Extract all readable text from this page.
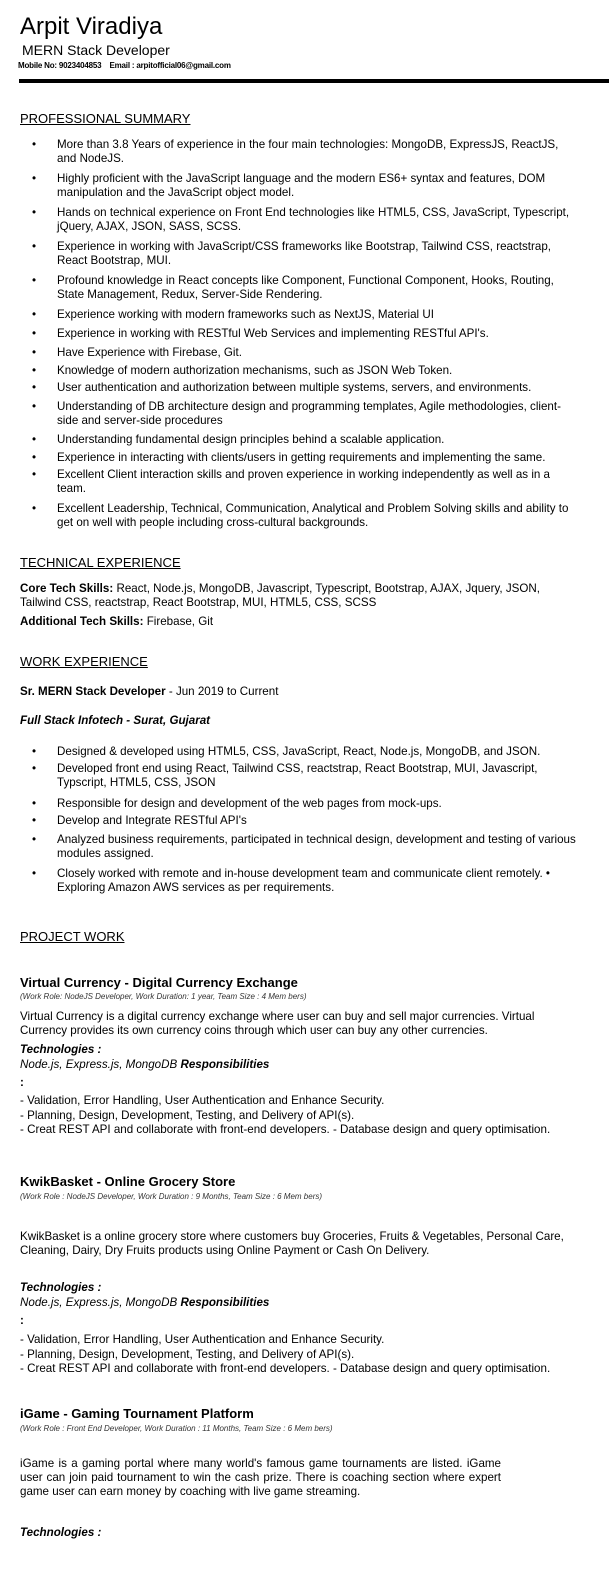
Arpit Viradiya
MERN Stack Developer
Mobile No: 9023404853 Email : arpitofficial06@gmail.com
PROFESSIONAL SUMMARY
• More than 3.8 Years of experience in the four main technologies: MongoDB, ExpressJS, ReactJS, and NodeJS.
• Highly proficient with the JavaScript language and the modern ES6+ syntax and features, DOM manipulation and the JavaScript object model.
• Hands on technical experience on Front End technologies like HTML5, CSS, JavaScript, Typescript, jQuery, AJAX, JSON, SASS, SCSS.
• Experience in working with JavaScript/CSS frameworks like Bootstrap, Tailwind CSS, reactstrap, React Bootstrap, MUI.
• Profound knowledge in React concepts like Component, Functional Component, Hooks, Routing, State Management, Redux, Server-Side Rendering.
• Experience working with modern frameworks such as NextJS, Material UI
• Experience in working with RESTful Web Services and implementing RESTful API's.
• Have Experience with Firebase, Git.
• Knowledge of modern authorization mechanisms, such as JSON Web Token.
• User authentication and authorization between multiple systems, servers, and environments.
• Understanding of DB architecture design and programming templates, Agile methodologies, client-side and server-side procedures
• Understanding fundamental design principles behind a scalable application.
• Experience in interacting with clients/users in getting requirements and implementing the same.
• Excellent Client interaction skills and proven experience in working independently as well as in a team.
• Excellent Leadership, Technical, Communication, Analytical and Problem Solving skills and ability to get on well with people including cross-cultural backgrounds.
TECHNICAL EXPERIENCE
Core Tech Skills: React, Node.js, MongoDB, Javascript, Typescript, Bootstrap, AJAX, Jquery, JSON, Tailwind CSS, reactstrap, React Bootstrap, MUI, HTML5, CSS, SCSS
Additional Tech Skills: Firebase, Git
WORK EXPERIENCE
Sr. MERN Stack Developer - Jun 2019 to Current
Full Stack Infotech - Surat, Gujarat
• Designed & developed using HTML5, CSS, JavaScript, React, Node.js, MongoDB, and JSON.
• Developed front end using React, Tailwind CSS, reactstrap, React Bootstrap, MUI, Javascript, Typscript, HTML5, CSS, JSON
• Responsible for design and development of the web pages from mock-ups.
• Develop and Integrate RESTful API's
• Analyzed business requirements, participated in technical design, development and testing of various modules assigned.
• Closely worked with remote and in-house development team and communicate client remotely. • Exploring Amazon AWS services as per requirements.
PROJECT WORK
Virtual Currency - Digital Currency Exchange
(Work Role: NodeJS Developer, Work Duration: 1 year, Team Size : 4 Mem bers)
Virtual Currency is a digital currency exchange where user can buy and sell major currencies. Virtual Currency provides its own currency coins through which user can buy any other currencies.
Technologies :
Node.js, Express.js, MongoDB Responsibilities
:
- Validation, Error Handling, User Authentication and Enhance Security.
- Planning, Design, Development, Testing, and Delivery of API(s).
- Creat REST API and collaborate with front-end developers. - Database design and query optimisation.
KwikBasket - Online Grocery Store
(Work Role : NodeJS Developer, Work Duration : 9 Months, Team Size : 6 Mem bers)
KwikBasket is a online grocery store where customers buy Groceries, Fruits & Vegetables, Personal Care, Cleaning, Dairy, Dry Fruits products using Online Payment or Cash On Delivery.
Technologies :
Node.js, Express.js, MongoDB Responsibilities
:
- Validation, Error Handling, User Authentication and Enhance Security.
- Planning, Design, Development, Testing, and Delivery of API(s).
- Creat REST API and collaborate with front-end developers. - Database design and query optimisation.
iGame - Gaming Tournament Platform
(Work Role : Front End Developer, Work Duration : 11 Months, Team Size : 6 Mem bers)
iGame is a gaming portal where many world's famous game tournaments are listed. iGame user can join paid tournament to win the cash prize. There is coaching section where expert game user can earn money by coaching with live game streaming.
Technologies :
